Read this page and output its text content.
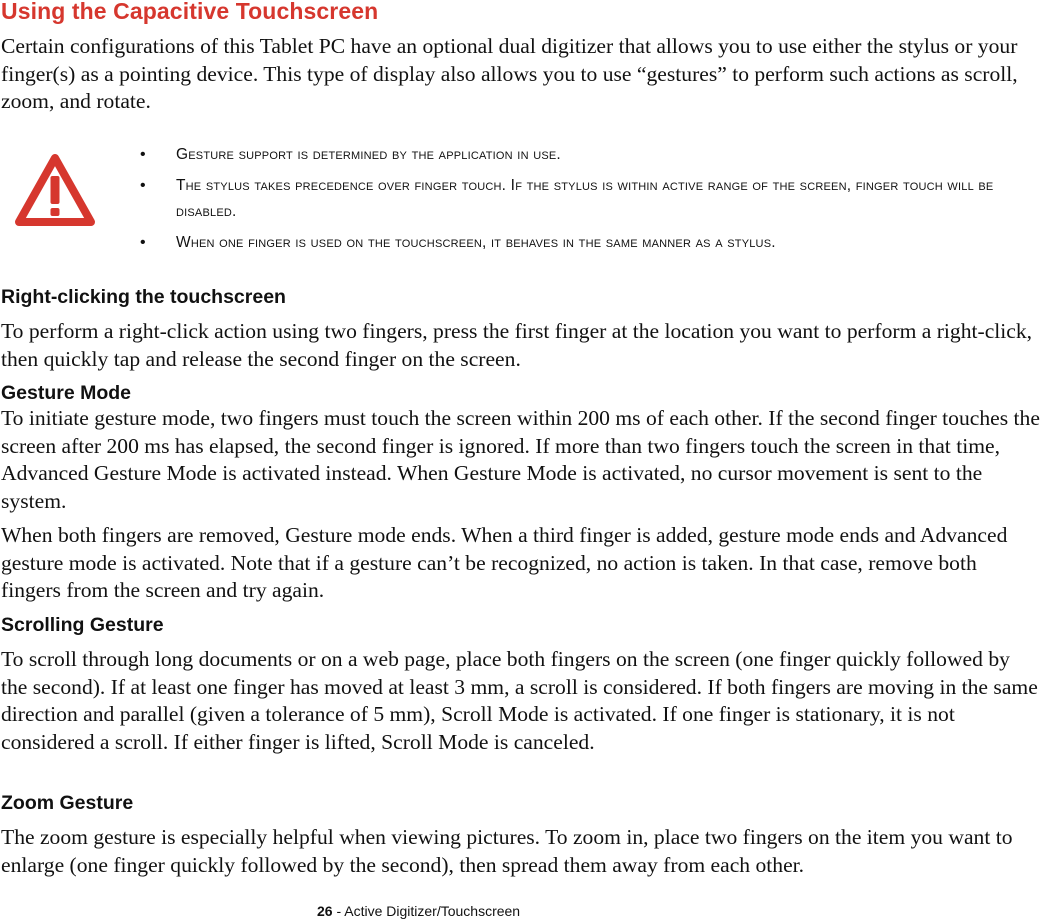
Using the Capacitive Touchscreen

Certain configurations of this Tablet PC have an optional dual digitizer that allows you to use either the stylus or your finger(s) as a pointing device. This type of display also allows you to use “gestures” to perform such actions as scroll, zoom, and rotate.

• Gesture support is determined by the application in use.
• The stylus takes precedence over finger touch. If the stylus is within active range of the screen, finger touch will be disabled.
• When one finger is used on the touchscreen, it behaves in the same manner as a stylus.
Right-clicking the touchscreen

To perform a right-click action using two fingers, press the first finger at the location you want to perform a right-click, then quickly tap and release the second finger on the screen.

Gesture Mode

To initiate gesture mode, two fingers must touch the screen within 200 ms of each other. If the second finger touches the screen after 200 ms has elapsed, the second finger is ignored. If more than two fingers touch the screen in that time, Advanced Gesture Mode is activated instead. When Gesture Mode is activated, no cursor movement is sent to the system.

When both fingers are removed, Gesture mode ends. When a third finger is added, gesture mode ends and Advanced gesture mode is activated. Note that if a gesture can’t be recognized, no action is taken. In that case, remove both fingers from the screen and try again.

Scrolling Gesture

To scroll through long documents or on a web page, place both fingers on the screen (one finger quickly followed by the second). If at least one finger has moved at least 3 mm, a scroll is considered. If both fingers are moving in the same direction and parallel (given a tolerance of 5 mm), Scroll Mode is activated. If one finger is stationary, it is not considered a scroll. If either finger is lifted, Scroll Mode is canceled.

Zoom Gesture

The zoom gesture is especially helpful when viewing pictures. To zoom in, place two fingers on the item you want to enlarge (one finger quickly followed by the second), then spread them away from each other.

26 - Active Digitizer/Touchscreen
